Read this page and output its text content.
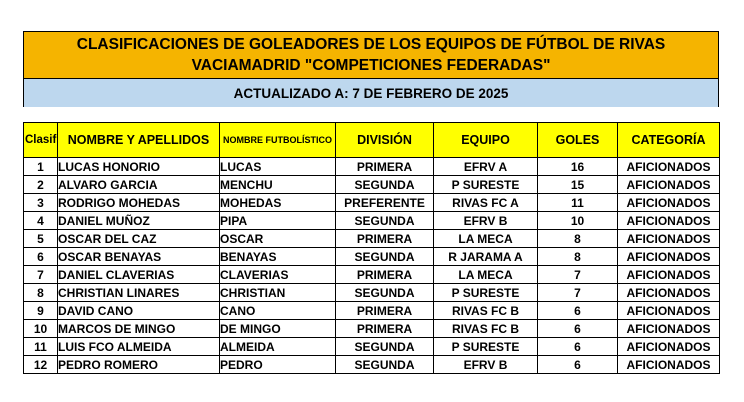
CLASIFICACIONES DE GOLEADORES DE LOS EQUIPOS DE FÚTBOL DE RIVAS
VACIAMADRID "COMPETICIONES FEDERADAS"
ACTUALIZADO A: 7 DE FEBRERO DE 2025
Clasif	NOMBRE Y APELLIDOS	NOMBRE FUTBOLÍSTICO	DIVISIÓN	EQUIPO	GOLES	CATEGORÍA
1	LUCAS HONORIO	LUCAS	PRIMERA	EFRV A	16	AFICIONADOS
2	ALVARO GARCIA	MENCHU	SEGUNDA	P SURESTE	15	AFICIONADOS
3	RODRIGO MOHEDAS	MOHEDAS	PREFERENTE	RIVAS FC A	11	AFICIONADOS
4	DANIEL MUÑOZ	PIPA	SEGUNDA	EFRV B	10	AFICIONADOS
5	OSCAR DEL CAZ	OSCAR	PRIMERA	LA MECA	8	AFICIONADOS
6	OSCAR BENAYAS	BENAYAS	SEGUNDA	R JARAMA A	8	AFICIONADOS
7	DANIEL CLAVERIAS	CLAVERIAS	PRIMERA	LA MECA	7	AFICIONADOS
8	CHRISTIAN LINARES	CHRISTIAN	SEGUNDA	P SURESTE	7	AFICIONADOS
9	DAVID CANO	CANO	PRIMERA	RIVAS FC B	6	AFICIONADOS
10	MARCOS DE MINGO	DE MINGO	PRIMERA	RIVAS FC B	6	AFICIONADOS
11	LUIS FCO ALMEIDA	ALMEIDA	SEGUNDA	P SURESTE	6	AFICIONADOS
12	PEDRO ROMERO	PEDRO	SEGUNDA	EFRV B	6	AFICIONADOS
